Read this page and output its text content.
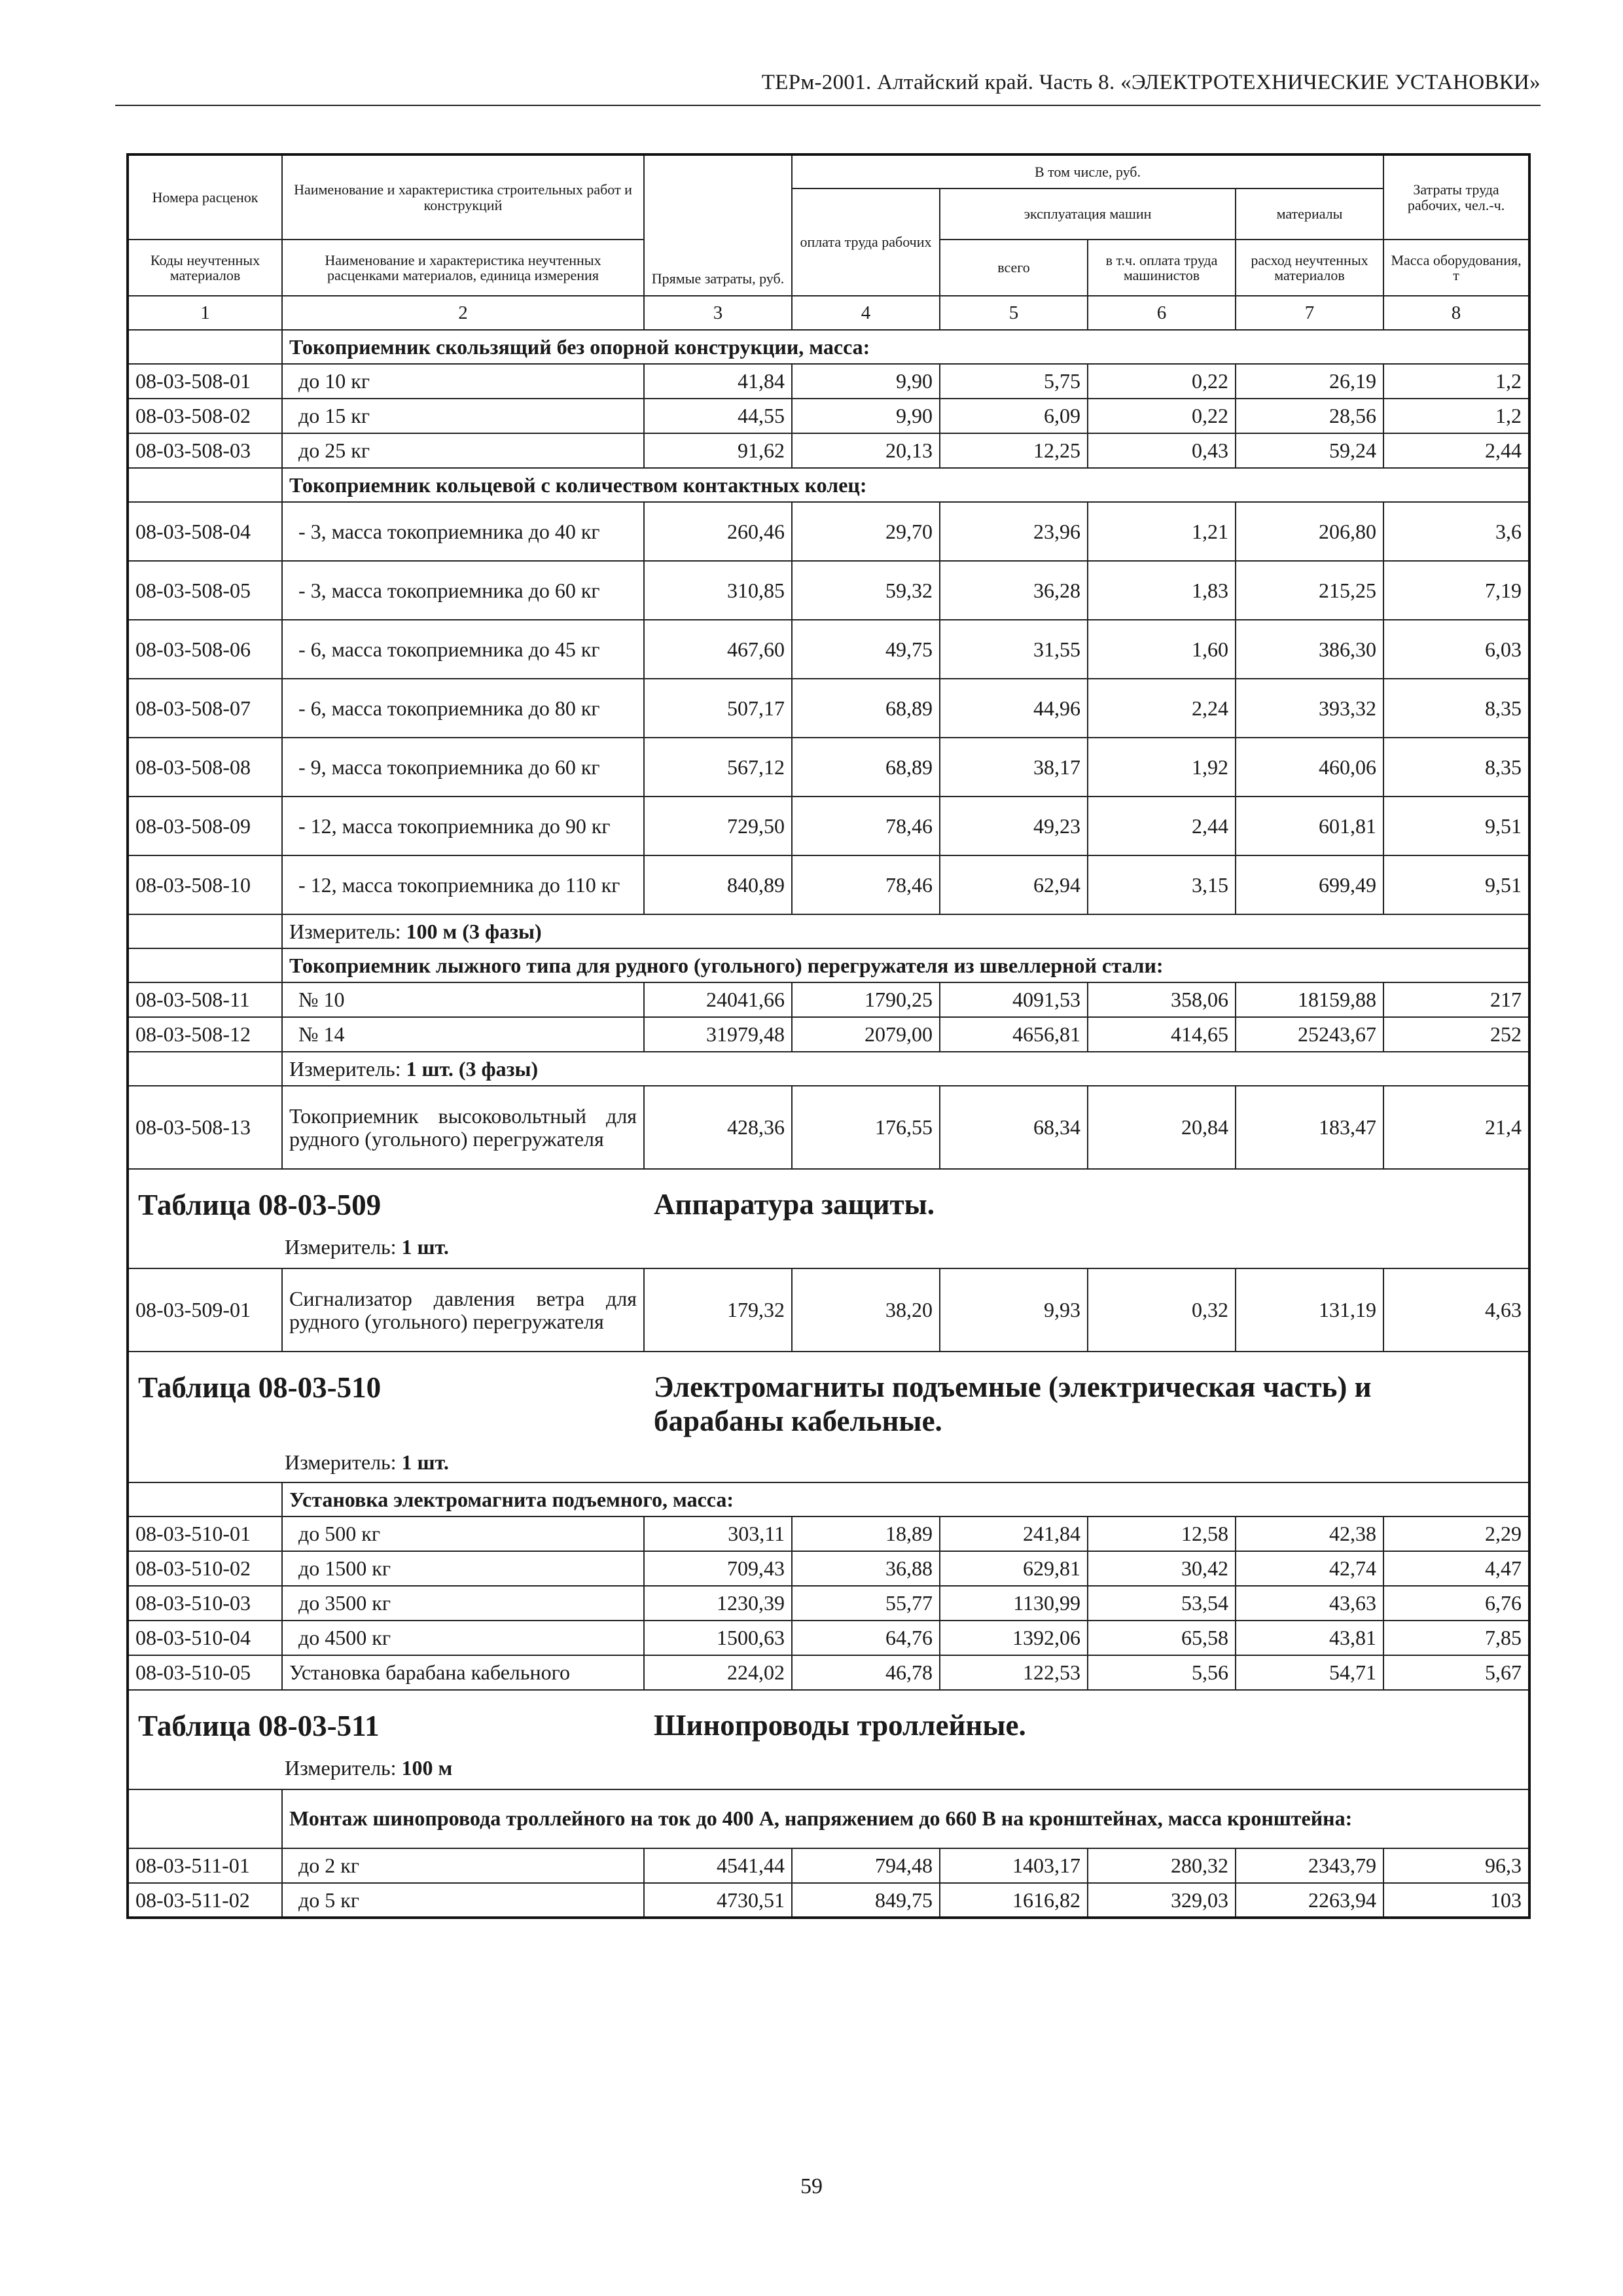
ТЕРм-2001. Алтайский край. Часть 8. «ЭЛЕКТРОТЕХНИЧЕСКИЕ УСТАНОВКИ»
Номера расценок	Наименование и характеристика строительных работ и конструкций	Прямые затраты, руб.	В том числе, руб.				Затраты труда рабочих, чел.-ч.
			оплата труда рабочих	эксплуатация машин		материалы	
Коды неучтенных материалов	Наименование и характеристика неучтенных расценками материалов, единица измерения			всего	в т.ч. оплата труда машинистов	расход неучтенных материалов	Масса оборудования, т

1	2	3	4	5	6	7	8
	Токоприемник скользящий без опорной конструкции, масса:						
08-03-508-01	до 10 кг	41,84	9,90	5,75	0,22	26,19	1,2
08-03-508-02	до 15 кг	44,55	9,90	6,09	0,22	28,56	1,2
08-03-508-03	до 25 кг	91,62	20,13	12,25	0,43	59,24	2,44
	Токоприемник кольцевой с количеством контактных колец:						
08-03-508-04	- 3, масса токоприемника до 40 кг	260,46	29,70	23,96	1,21	206,80	3,6
08-03-508-05	- 3, масса токоприемника до 60 кг	310,85	59,32	36,28	1,83	215,25	7,19
08-03-508-06	- 6, масса токоприемника до 45 кг	467,60	49,75	31,55	1,60	386,30	6,03
08-03-508-07	- 6, масса токоприемника до 80 кг	507,17	68,89	44,96	2,24	393,32	8,35
08-03-508-08	- 9, масса токоприемника до 60 кг	567,12	68,89	38,17	1,92	460,06	8,35
08-03-508-09	- 12, масса токоприемника до 90 кг	729,50	78,46	49,23	2,44	601,81	9,51
08-03-508-10	- 12, масса токоприемника до 110 кг	840,89	78,46	62,94	3,15	699,49	9,51
	Измеритель: 100 м (3 фазы)						
	Токоприемник лыжного типа для рудного (угольного) перегружателя из швеллерной стали:						
08-03-508-11	№ 10	24041,66	1790,25	4091,53	358,06	18159,88	217
08-03-508-12	№ 14	31979,48	2079,00	4656,81	414,65	25243,67	252
	Измеритель: 1 шт. (3 фазы)						
08-03-508-13	Токоприемник высоковольтный для рудного (угольного) перегружателя	428,36	176,55	68,34	20,84	183,47	21,4

Таблица 08-03-509 Аппаратура защиты.
Измеритель: 1 шт.							

08-03-509-01	Сигнализатор давления ветра для рудного (угольного) перегружателя	179,32	38,20	9,93	0,32	131,19	4,63

Таблица 08-03-510 Электромагниты подъемные (электрическая часть) и барабаны кабельные.
Измеритель: 1 шт.							

	Установка электромагнита подъемного, масса:						
08-03-510-01	до 500 кг	303,11	18,89	241,84	12,58	42,38	2,29
08-03-510-02	до 1500 кг	709,43	36,88	629,81	30,42	42,74	4,47
08-03-510-03	до 3500 кг	1230,39	55,77	1130,99	53,54	43,63	6,76
08-03-510-04	до 4500 кг	1500,63	64,76	1392,06	65,58	43,81	7,85
08-03-510-05	Установка барабана кабельного	224,02	46,78	122,53	5,56	54,71	5,67

Таблица 08-03-511 Шинопроводы троллейные.
Измеритель: 100 м							

	Монтаж шинопровода троллейного на ток до 400 А, напряжением до 660 В на кронштейнах, масса кронштейна:						
08-03-511-01	до 2 кг	4541,44	794,48	1403,17	280,32	2343,79	96,3
08-03-511-02	до 5 кг	4730,51	849,75	1616,82	329,03	2263,94	103
59
